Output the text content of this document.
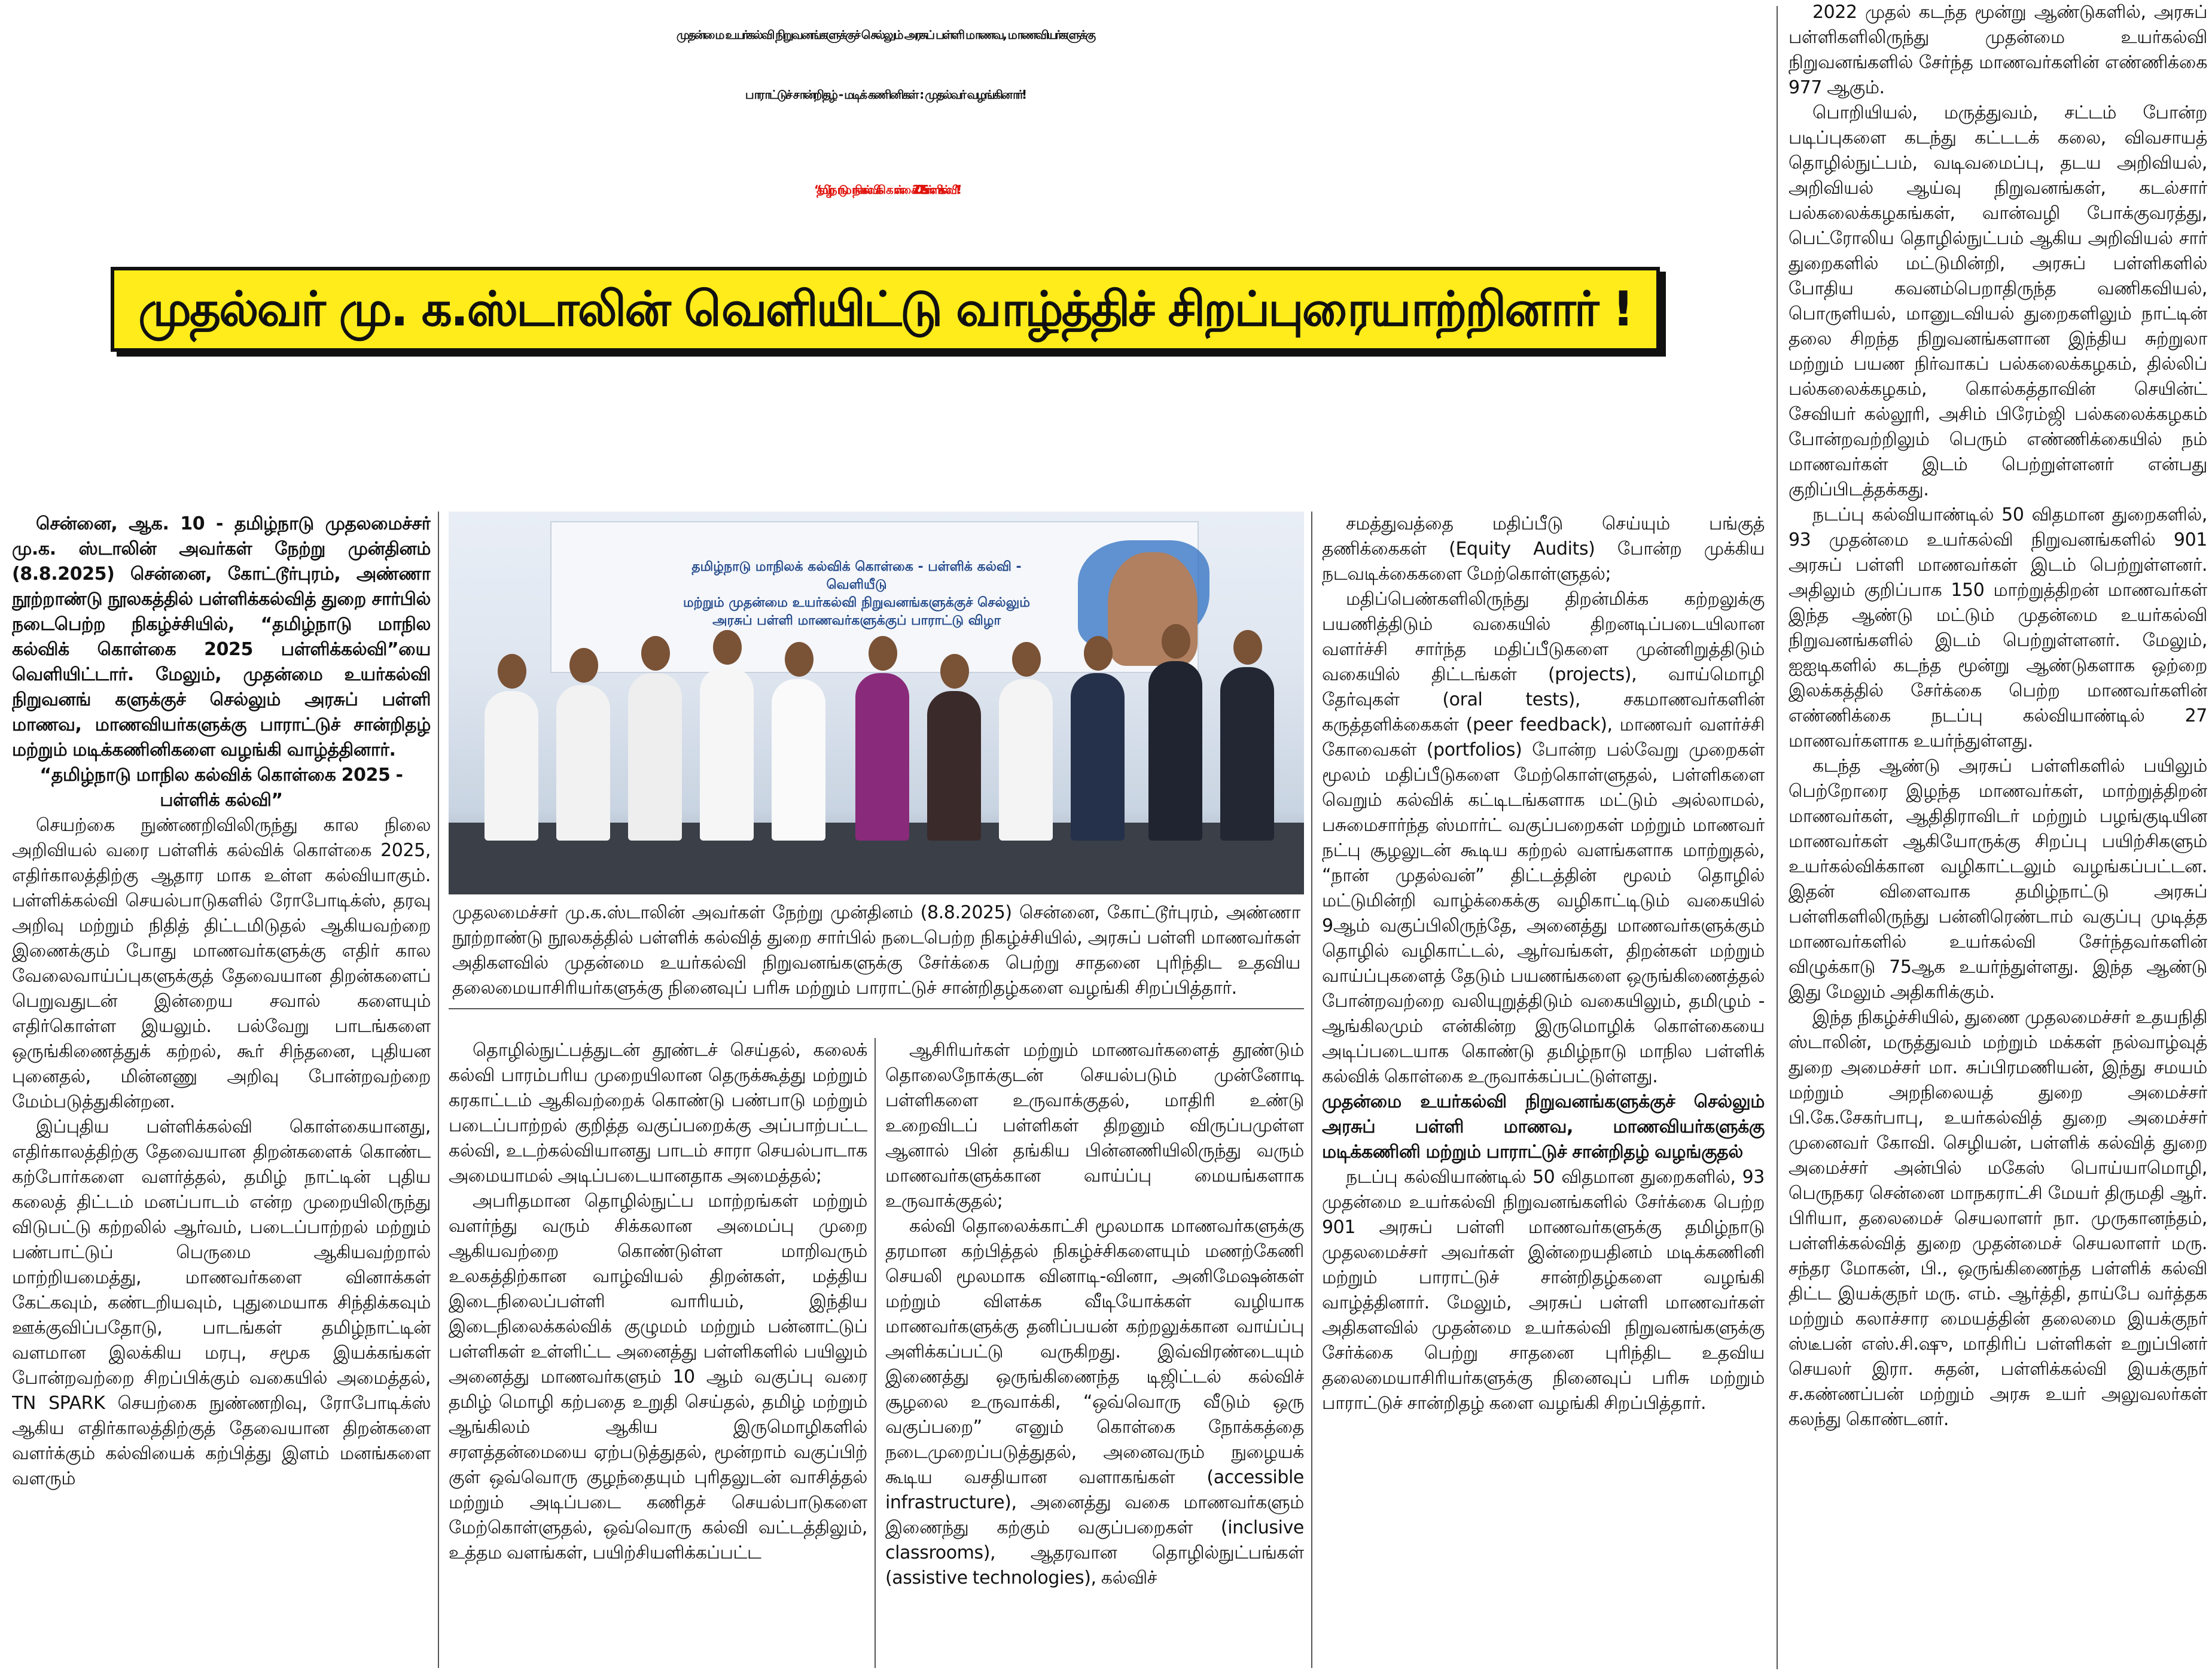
முதன்மை உயர்கல்வி நிறுவனங்களுக்குச் செல்லும் அரசுப் பள்ளி மாணவ, மாணவியர்களுக்கு
பாராட்டுச் சான்றிதழ் - மடிக் கணினிகள் : முதல்வர் வழங்கினார்!
“தமிழ்நாடு மாநில கல்விக் கொள்கை 2025 - பள்ளிக் கல்வி”!
முதல்வர் மு. க.ஸ்டாலின் வெளியிட்டு வாழ்த்திச் சிறப்புரையாற்றினார் !

சென்னை, ஆக. 10 - தமிழ்நாடு முதலமைச்சர் மு.க. ஸ்டாலின் அவர்கள் நேற்று முன்தினம் (8.8.2025) சென்னை, கோட்டூர்புரம், அண்ணா நூற்றாண்டு நூலகத்தில் பள்ளிக்கல்வித் துறை சார்பில் நடைபெற்ற நிகழ்ச்சியில், “தமிழ்நாடு மாநில கல்விக் கொள்கை 2025 பள்ளிக்கல்வி”யை வெளியிட்டார். மேலும், முதன்மை உயர்கல்வி நிறுவனங் களுக்குச் செல்லும் அரசுப் பள்ளி மாணவ, மாணவியர்களுக்கு பாராட்டுச் சான்றிதழ் மற்றும் மடிக்கணினிகளை வழங்கி வாழ்த்தினார்.

“தமிழ்நாடு மாநில கல்விக் கொள்கை 2025 - பள்ளிக் கல்வி”

செயற்கை நுண்ணறிவிலிருந்து கால நிலை அறிவியல் வரை பள்ளிக் கல்விக் கொள்கை 2025, எதிர்காலத்திற்கு ஆதார மாக உள்ள கல்வியாகும். பள்ளிக்கல்வி செயல்பாடுகளில் ரோபோடிக்ஸ், தரவு அறிவு மற்றும் நிதித் திட்டமிடுதல் ஆகியவற்றை இணைக்கும் போது மாணவர்களுக்கு எதிர் கால வேலைவாய்ப்புகளுக்குத் தேவையான திறன்களைப் பெறுவதுடன் இன்றைய சவால் களையும் எதிர்கொள்ள இயலும். பல்வேறு பாடங்களை ஒருங்கிணைத்துக் கற்றல், கூர் சிந்தனை, புதியன புனைதல், மின்னணு அறிவு போன்றவற்றை மேம்படுத்துகின்றன.

இப்புதிய பள்ளிக்கல்வி கொள்கையானது, எதிர்காலத்திற்கு தேவையான திறன்களைக் கொண்ட கற்போர்களை வளர்த்தல், தமிழ் நாட்டின் புதிய கலைத் திட்டம் மனப்பாடம் என்ற முறையிலிருந்து விடுபட்டு கற்றலில் ஆர்வம், படைப்பாற்றல் மற்றும் பண்பாட்டுப் பெருமை ஆகியவற்றால் மாற்றியமைத்து, மாணவர்களை வினாக்கள் கேட்கவும், கண்டறியவும், புதுமையாக சிந்திக்கவும் ஊக்குவிப்பதோடு, பாடங்கள் தமிழ்நாட்டின் வளமான இலக்கிய மரபு, சமூக இயக்கங்கள் போன்றவற்றை சிறப்பிக்கும் வகையில் அமைத்தல், TN SPARK செயற்கை நுண்ணறிவு, ரோபோடிக்ஸ் ஆகிய எதிர்காலத்திற்குத் தேவையான திறன்களை வளர்க்கும் கல்வியைக் கற்பித்து இளம் மனங்களை வளரும்

தமிழ்நாடு மாநிலக் கல்விக் கொள்கை - பள்ளிக் கல்வி - வெளியீடு
மற்றும் முதன்மை உயர்கல்வி நிறுவனங்களுக்குச் செல்லும்
அரசுப் பள்ளி மாணவர்களுக்குப் பாராட்டு விழா
முதலமைச்சர் மு.க.ஸ்டாலின் அவர்கள் நேற்று முன்தினம் (8.8.2025) சென்னை, கோட்டூர்புரம், அண்ணா நூற்றாண்டு நூலகத்தில் பள்ளிக் கல்வித் துறை சார்பில் நடைபெற்ற நிகழ்ச்சியில், அரசுப் பள்ளி மாணவர்கள் அதிகளவில் முதன்மை உயர்கல்வி நிறுவனங்களுக்கு சேர்க்கை பெற்று சாதனை புரிந்திட உதவிய தலைமையாசிரியர்களுக்கு நினைவுப் பரிசு மற்றும் பாராட்டுச் சான்றிதழ்களை வழங்கி சிறப்பித்தார்.

சமத்துவத்தை மதிப்பீடு செய்யும் பங்குத் தணிக்கைகள் (Equity Audits) போன்ற முக்கிய நடவடிக்கைகளை மேற்கொள்ளுதல்;

மதிப்பெண்களிலிருந்து திறன்மிக்க கற்றலுக்கு பயணித்திடும் வகையில் திறனடிப்படையிலான வளர்ச்சி சார்ந்த மதிப்பீடுகளை முன்னிறுத்திடும் வகையில் திட்டங்கள் (projects), வாய்மொழி தேர்வுகள் (oral tests), சகமாணவர்களின் கருத்தளிக்கைகள் (peer feedback), மாணவர் வளர்ச்சி கோவைகள் (portfolios) போன்ற பல்வேறு முறைகள் மூலம் மதிப்பீடுகளை மேற்கொள்ளுதல், பள்ளிகளை வெறும் கல்விக் கட்டிடங்களாக மட்டும் அல்லாமல், பசுமைசார்ந்த ஸ்மார்ட் வகுப்பறைகள் மற்றும் மாணவர் நட்பு சூழலுடன் கூடிய கற்றல் வளங்களாக மாற்றுதல், “நான் முதல்வன்” திட்டத்தின் மூலம் தொழில் மட்டுமின்றி வாழ்க்கைக்கு வழிகாட்டிடும் வகையில் 9ஆம் வகுப்பிலிருந்தே, அனைத்து மாணவர்களுக்கும் தொழில் வழிகாட்டல், ஆர்வங்கள், திறன்கள் மற்றும் வாய்ப்புகளைத் தேடும் பயணங்களை ஒருங்கிணைத்தல் போன்றவற்றை வலியுறுத்திடும் வகையிலும், தமிழும் - ஆங்கிலமும் என்கின்ற இருமொழிக் கொள்கையை அடிப்படையாக கொண்டு தமிழ்நாடு மாநில பள்ளிக் கல்விக் கொள்கை உருவாக்கப்பட்டுள்ளது.

முதன்மை உயர்கல்வி நிறுவனங்களுக்குச் செல்லும் அரசுப் பள்ளி மாணவ, மாணவியர்களுக்கு மடிக்கணினி மற்றும் பாராட்டுச் சான்றிதழ் வழங்குதல்

நடப்பு கல்வியாண்டில் 50 விதமான துறைகளில், 93 முதன்மை உயர்கல்வி நிறுவனங்களில் சேர்க்கை பெற்ற 901 அரசுப் பள்ளி மாணவர்களுக்கு தமிழ்நாடு முதலமைச்சர் அவர்கள் இன்றையதினம் மடிக்கணினி மற்றும் பாராட்டுச் சான்றிதழ்களை வழங்கி வாழ்த்தினார். மேலும், அரசுப் பள்ளி மாணவர்கள் அதிகளவில் முதன்மை உயர்கல்வி நிறுவனங்களுக்கு சேர்க்கை பெற்று சாதனை புரிந்திட உதவிய தலைமையாசிரியர்களுக்கு நினைவுப் பரிசு மற்றும் பாராட்டுச் சான்றிதழ் களை வழங்கி சிறப்பித்தார்.

தொழில்நுட்பத்துடன் தூண்டச் செய்தல், கலைக் கல்வி பாரம்பரிய முறையிலான தெருக்கூத்து மற்றும் கரகாட்டம் ஆகிவற்றைக் கொண்டு பண்பாடு மற்றும் படைப்பாற்றல் குறித்த வகுப்பறைக்கு அப்பாற்பட்ட கல்வி, உடற்கல்வியானது பாடம் சாரா செயல்பாடாக அமையாமல் அடிப்படையானதாக அமைத்தல்;

அபரிதமான தொழில்நுட்ப மாற்றங்கள் மற்றும் வளர்ந்து வரும் சிக்கலான அமைப்பு முறை ஆகியவற்றை கொண்டுள்ள மாறிவரும் உலகத்திற்கான வாழ்வியல் திறன்கள், மத்திய இடைநிலைப்பள்ளி வாரியம், இந்திய இடைநிலைக்கல்விக் குழுமம் மற்றும் பன்னாட்டுப் பள்ளிகள் உள்ளிட்ட அனைத்து பள்ளிகளில் பயிலும் அனைத்து மாணவர்களும் 10 ஆம் வகுப்பு வரை தமிழ் மொழி கற்பதை உறுதி செய்தல், தமிழ் மற்றும் ஆங்கிலம் ஆகிய இருமொழிகளில் சரளத்தன்மையை ஏற்படுத்துதல், மூன்றாம் வகுப்பிற் குள் ஒவ்வொரு குழந்தையும் புரிதலுடன் வாசித்தல் மற்றும் அடிப்படை கணிதச் செயல்பாடுகளை மேற்கொள்ளுதல், ஒவ்வொரு கல்வி வட்டத்திலும், உத்தம வளங்கள், பயிற்சியளிக்கப்பட்ட

ஆசிரியர்கள் மற்றும் மாணவர்களைத் தூண்டும் தொலைநோக்குடன் செயல்படும் முன்னோடி பள்ளிகளை உருவாக்குதல், மாதிரி உண்டு உறைவிடப் பள்ளிகள் திறனும் விருப்பமுள்ள ஆனால் பின் தங்கிய பின்னணியிலிருந்து வரும் மாணவர்களுக்கான வாய்ப்பு மையங்களாக உருவாக்குதல்;

கல்வி தொலைக்காட்சி மூலமாக மாணவர்களுக்கு தரமான கற்பித்தல் நிகழ்ச்சிகளையும் மணற்கேணி செயலி மூலமாக வினாடி-வினா, அனிமேஷன்கள் மற்றும் விளக்க வீடியோக்கள் வழியாக மாணவர்களுக்கு தனிப்பயன் கற்றலுக்கான வாய்ப்பு அளிக்கப்பட்டு வருகிறது. இவ்விரண்டையும் இணைத்து ஒருங்கிணைந்த டிஜிட்டல் கல்விச் சூழலை உருவாக்கி, “ஒவ்வொரு வீடும் ஒரு வகுப்பறை” எனும் கொள்கை நோக்கத்தை நடைமுறைப்படுத்துதல், அனைவரும் நுழையக் கூடிய வசதியான வளாகங்கள் (accessible infrastructure), அனைத்து வகை மாணவர்களும் இணைந்து கற்கும் வகுப்பறைகள் (inclusive classrooms), ஆதரவான தொழில்நுட்பங்கள் (assistive technologies), கல்விச்

2022 முதல் கடந்த மூன்று ஆண்டுகளில், அரசுப் பள்ளிகளிலிருந்து முதன்மை உயர்கல்வி நிறுவனங்களில் சேர்ந்த மாணவர்களின் எண்ணிக்கை 977 ஆகும்.

பொறியியல், மருத்துவம், சட்டம் போன்ற படிப்புகளை கடந்து கட்டடக் கலை, விவசாயத் தொழில்நுட்பம், வடிவமைப்பு, தடய அறிவியல், அறிவியல் ஆய்வு நிறுவனங்கள், கடல்சார் பல்கலைக்கழகங்கள், வான்வழி போக்குவரத்து, பெட்ரோலிய தொழில்நுட்பம் ஆகிய அறிவியல் சார் துறைகளில் மட்டுமின்றி, அரசுப் பள்ளிகளில் போதிய கவனம்பெறாதிருந்த வணிகவியல், பொருளியல், மானுடவியல் துறைகளிலும் நாட்டின் தலை சிறந்த நிறுவனங்களான இந்திய சுற்றுலா மற்றும் பயண நிர்வாகப் பல்கலைக்கழகம், தில்லிப் பல்கலைக்கழகம், கொல்கத்தாவின் செயின்ட் சேவியர் கல்லூரி, அசிம் பிரேம்ஜி பல்கலைக்கழகம் போன்றவற்றிலும் பெரும் எண்ணிக்கையில் நம் மாணவர்கள் இடம் பெற்றுள்ளனர் என்பது குறிப்பிடத்தக்கது.

நடப்பு கல்வியாண்டில் 50 விதமான துறைகளில், 93 முதன்மை உயர்கல்வி நிறுவனங்களில் 901 அரசுப் பள்ளி மாணவர்கள் இடம் பெற்றுள்ளனர். அதிலும் குறிப்பாக 150 மாற்றுத்திறன் மாணவர்கள் இந்த ஆண்டு மட்டும் முதன்மை உயர்கல்வி நிறுவனங்களில் இடம் பெற்றுள்ளனர். மேலும், ஐஐடிகளில் கடந்த மூன்று ஆண்டுகளாக ஒற்றை இலக்கத்தில் சேர்க்கை பெற்ற மாணவர்களின் எண்ணிக்கை நடப்பு கல்வியாண்டில் 27 மாணவர்களாக உயர்ந்துள்ளது.

கடந்த ஆண்டு அரசுப் பள்ளிகளில் பயிலும் பெற்றோரை இழந்த மாணவர்கள், மாற்றுத்திறன் மாணவர்கள், ஆதிதிராவிடர் மற்றும் பழங்குடியின மாணவர்கள் ஆகியோருக்கு சிறப்பு பயிற்சிகளும் உயர்கல்விக்கான வழிகாட்டலும் வழங்கப்பட்டன. இதன் விளைவாக தமிழ்நாட்டு அரசுப் பள்ளிகளிலிருந்து பன்னிரெண்டாம் வகுப்பு முடித்த மாணவர்களில் உயர்கல்வி சேர்ந்தவர்களின் விழுக்காடு 75ஆக உயர்ந்துள்ளது. இந்த ஆண்டு இது மேலும் அதிகரிக்கும்.

இந்த நிகழ்ச்சியில், துணை முதலமைச்சர் உதயநிதி ஸ்டாலின், மருத்துவம் மற்றும் மக்கள் நல்வாழ்வுத் துறை அமைச்சர் மா. சுப்பிரமணியன், இந்து சமயம் மற்றும் அறநிலையத் துறை அமைச்சர் பி.கே.சேகர்பாபு, உயர்கல்வித் துறை அமைச்சர் முனைவர் கோவி. செழியன், பள்ளிக் கல்வித் துறை அமைச்சர் அன்பில் மகேஸ் பொய்யாமொழி, பெருநகர சென்னை மாநகராட்சி மேயர் திருமதி ஆர். பிரியா, தலைமைச் செயலாளர் நா. முருகானந்தம், பள்ளிக்கல்வித் துறை முதன்மைச் செயலாளர் மரு. சந்தர மோகன், பி., ஒருங்கிணைந்த பள்ளிக் கல்வி திட்ட இயக்குநர் மரு. எம். ஆர்த்தி, தாய்பே வர்த்தக மற்றும் கலாச்சார மையத்தின் தலைமை இயக்குநர் ஸ்டீபன் எஸ்.சி.ஷு, மாதிரிப் பள்ளிகள் உறுப்பினர் செயலர் இரா. சுதன், பள்ளிக்கல்வி இயக்குநர் ச.கண்ணப்பன் மற்றும் அரசு உயர் அலுவலர்கள் கலந்து கொண்டனர்.
